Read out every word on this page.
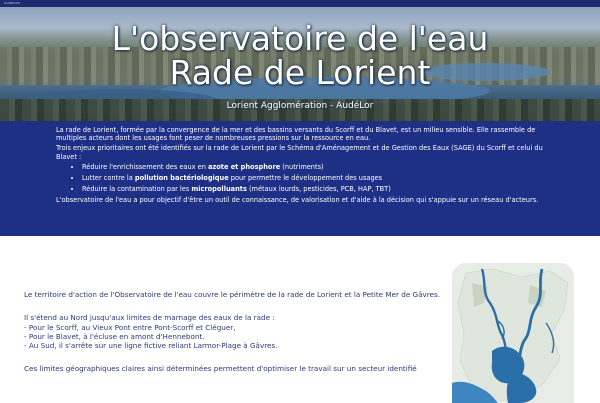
AUDÉLOR
L'observatoire de l'eau
Rade de Lorient
Lorient Agglomération - AudéLor

La rade de Lorient, formée par la convergence de la mer et des bassins versants du Scorff et du Blavet, est un milieu sensible. Elle rassemble de multiples acteurs dont les usages font peser de nombreuses pressions sur la ressource en eau.

Trois enjeux prioritaires ont été identifiés sur la rade de Lorient par le Schéma d'Aménagement et de Gestion des Eaux (SAGE) du Scorff et celui du Blavet :

• Réduire l'enrichissement des eaux en azote et phosphore (nutriments)
• Lutter contre la pollution bactériologique pour permettre le développement des usages
• Réduire la contamination par les micropolluants (métaux lourds, pesticides, PCB, HAP, TBT)

L'observatoire de l'eau a pour objectif d'être un outil de connaissance, de valorisation et d'aide à la décision qui s'appuie sur un réseau d'acteurs.

Le territoire d'action de l'Observatoire de l'eau couvre le périmètre de la rade de Lorient et la Petite Mer de Gâvres.

Il s'étend au Nord jusqu'aux limites de marnage des eaux de la rade :
- Pour le Scorff, au Vieux Pont entre Pont-Scorff et Cléguer,
- Pour le Blavet, à l'écluse en amont d'Hennebont.
- Au Sud, il s'arrête sur une ligne fictive reliant Larmor-Plage à Gâvres.

Ces limites géographiques claires ainsi déterminées permettent d'optimiser le travail sur un secteur identifié
